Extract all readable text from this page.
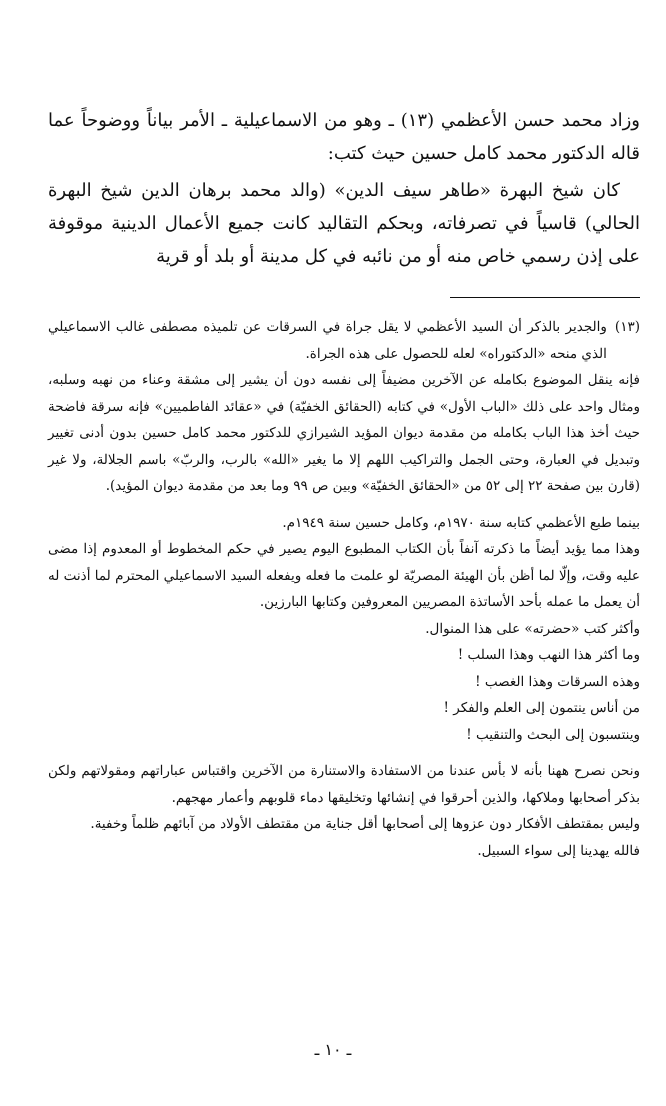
وزاد محمد حسن الأعظمي (١٣) ـ وهو من الاسماعيلية ـ الأمر بياناً ووضوحاً عما قاله الدكتور محمد كامل حسين حيث كتب:

كان شيخ البهرة «طاهر سيف الدين» (والد محمد برهان الدين شيخ البهرة الحالي) قاسياً في تصرفاته، وبحكم التقاليد كانت جميع الأعمال الدينية موقوفة على إذن رسمي خاص منه أو من نائبه في كل مدينة أو بلد أو قرية

(١٣)

والجدير بالذكر أن السيد الأعظمي لا يقل جراة في السرقات عن تلميذه مصطفى غالب الاسماعيلي الذي منحه «الدكتوراه» لعله للحصول على هذه الجراة.

فإنه ينقل الموضوع بكامله عن الآخرين مضيفاً إلى نفسه دون أن يشير إلى مشقة وعناء من نهبه وسلبه، ومثال واحد على ذلك «الباب الأول» في كتابه (الحقائق الخفيّة) في «عقائد الفاطميين» فإنه سرقة فاضحة حيث أخذ هذا الباب بكامله من مقدمة ديوان المؤيد الشيرازي للدكتور محمد كامل حسين بدون أدنى تغيير وتبديل في العبارة، وحتى الجمل والتراكيب اللهم إلا ما يغير «الله» بالرب، والربّ» باسم الجلالة، ولا غير (قارن بين صفحة ٢٢ إلى ٥٢ من «الحقائق الخفيّة» وبين ص ٩٩ وما بعد من مقدمة ديوان المؤيد).

بينما طبع الأعظمي كتابه سنة ١٩٧٠م، وكامل حسين سنة ١٩٤٩م.

وهذا مما يؤيد أيضاً ما ذكرته آنفاً بأن الكتاب المطبوع اليوم يصير في حكم المخطوط أو المعدوم إذا مضى عليه وقت، وإلّا لما أظن بأن الهيئة المصريّة لو علمت ما فعله ويفعله السيد الاسماعيلي المحترم لما أذنت له أن يعمل ما عمله بأحد الأساتذة المصريين المعروفين وكتابها البارزين.

وأكثر كتب «حضرته» على هذا المنوال.

وما أكثر هذا النهب وهذا السلب !

وهذه السرقات وهذا الغصب !

من أناس ينتمون إلى العلم والفكر !

وينتسبون إلى البحث والتنقيب !

ونحن نصرح ههنا بأنه لا بأس عندنا من الاستفادة والاستنارة من الآخرين واقتباس عباراتهم ومقولاتهم ولكن بذكر أصحابها وملاكها، والذين أحرقوا في إنشائها وتخليقها دماء قلوبهم وأعمار مهجهم.

وليس بمقتطف الأفكار دون عزوها إلى أصحابها أقل جناية من مقتطف الأولاد من آبائهم ظلماً وخفية.

فالله يهدينا إلى سواء السبيل.

ـ ١٠ ـ
